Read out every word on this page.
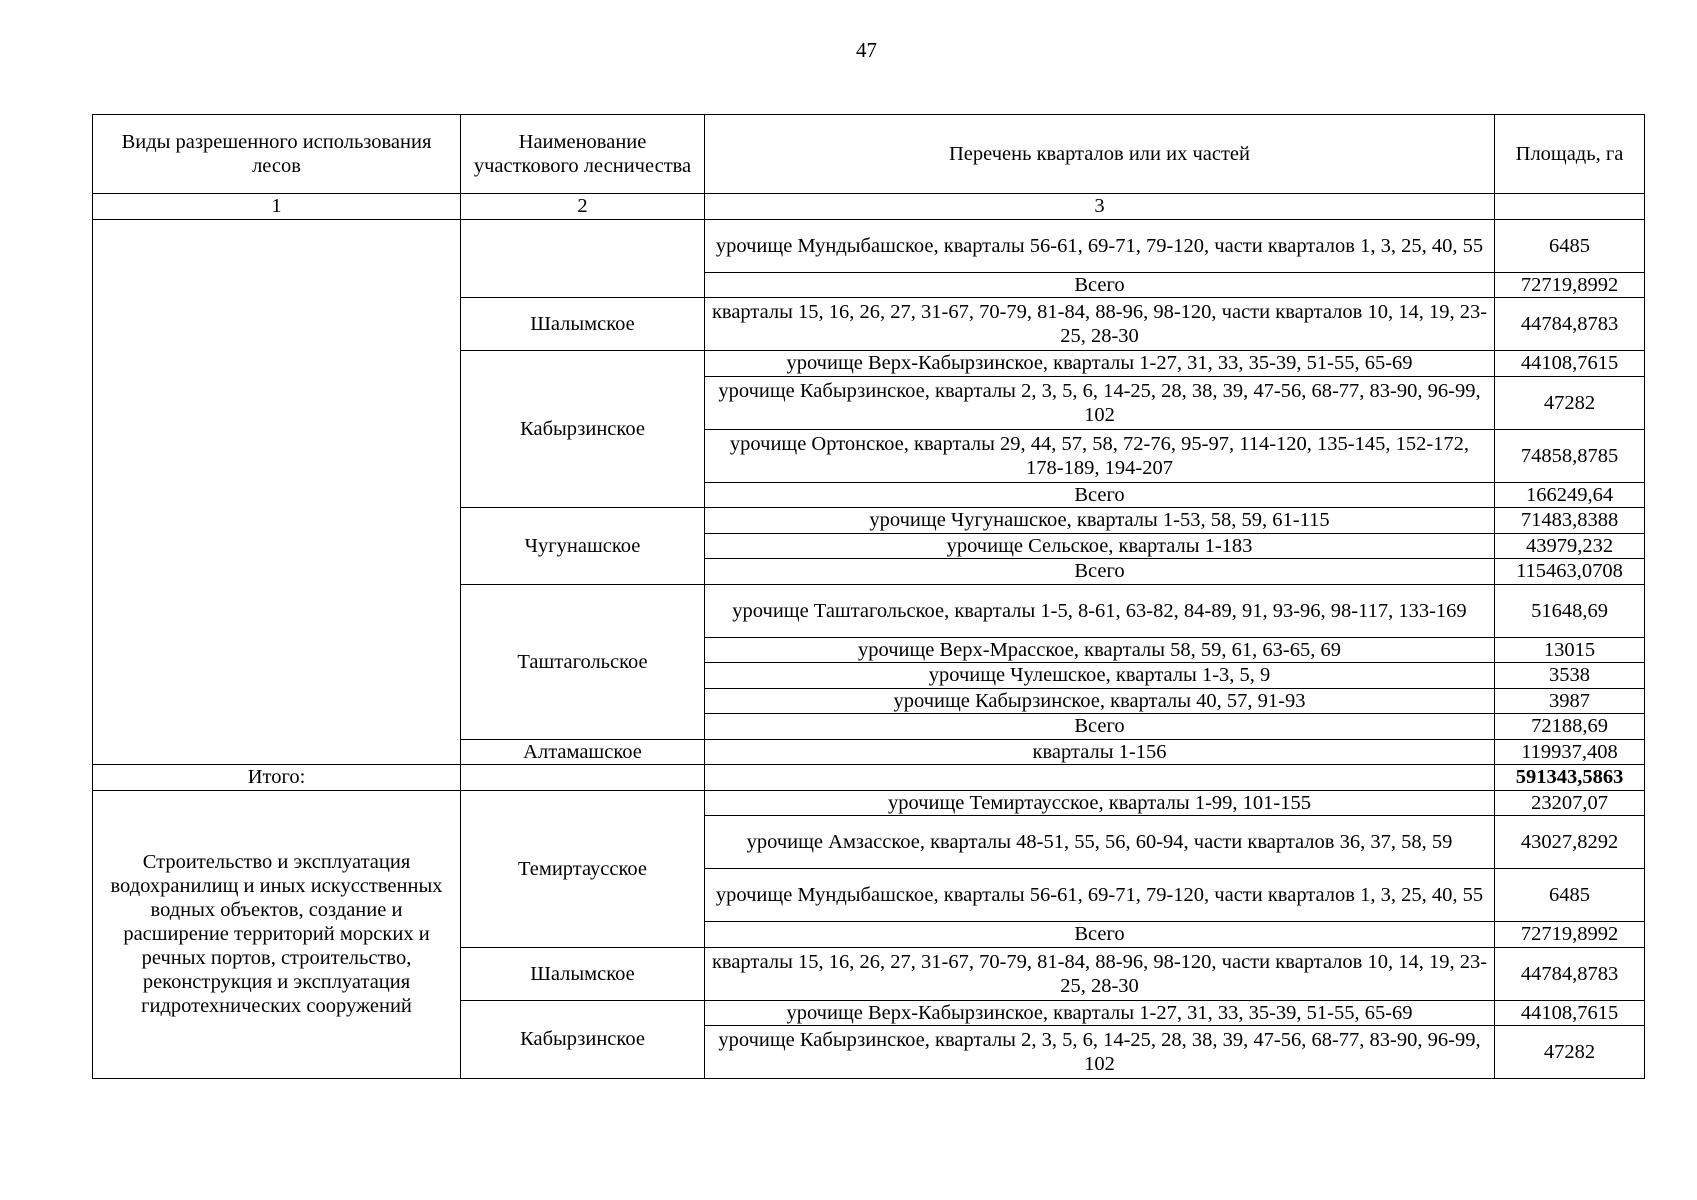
47
Виды разрешенного использования лесов	Наименование участкового лесничества	Перечень кварталов или их частей	Площадь, га
1	2	3	
		урочище Мундыбашское, кварталы 56-61, 69-71, 79-120, части кварталов 1, 3, 25, 40, 55	6485
		Всего	72719,8992
	Шалымское	кварталы 15, 16, 26, 27, 31-67, 70-79, 81-84, 88-96, 98-120, части кварталов 10, 14, 19, 23-25, 28-30	44784,8783
	Кабырзинское	урочище Верх-Кабырзинское, кварталы 1-27, 31, 33, 35-39, 51-55, 65-69	44108,7615
		урочище Кабырзинское, кварталы 2, 3, 5, 6, 14-25, 28, 38, 39, 47-56, 68-77, 83-90, 96-99, 102	47282
		урочище Ортонское, кварталы 29, 44, 57, 58, 72-76, 95-97, 114-120, 135-145, 152-172, 178-189, 194-207	74858,8785
		Всего	166249,64
	Чугунашское	урочище Чугунашское, кварталы 1-53, 58, 59, 61-115	71483,8388
		урочище Сельское, кварталы 1-183	43979,232
		Всего	115463,0708
	Таштагольское	урочище Таштагольское, кварталы 1-5, 8-61, 63-82, 84-89, 91, 93-96, 98-117, 133-169	51648,69
		урочище Верх-Мрасское, кварталы 58, 59, 61, 63-65, 69	13015
		урочище Чулешское, кварталы 1-3, 5, 9	3538
		урочище Кабырзинское, кварталы 40, 57, 91-93	3987
		Всего	72188,69
	Алтамашское	кварталы 1-156	119937,408
Итого:			591343,5863
Строительство и эксплуатация водохранилищ и иных искусственных водных объектов, создание и расширение территорий морских и речных портов, строительство, реконструкция и эксплуатация гидротехнических сооружений	Темиртаусское	урочище Темиртаусское, кварталы 1-99, 101-155	23207,07
		урочище Амзасское, кварталы 48-51, 55, 56, 60-94, части кварталов 36, 37, 58, 59	43027,8292
		урочище Мундыбашское, кварталы 56-61, 69-71, 79-120, части кварталов 1, 3, 25, 40, 55	6485
		Всего	72719,8992
	Шалымское	кварталы 15, 16, 26, 27, 31-67, 70-79, 81-84, 88-96, 98-120, части кварталов 10, 14, 19, 23-25, 28-30	44784,8783
	Кабырзинское	урочище Верх-Кабырзинское, кварталы 1-27, 31, 33, 35-39, 51-55, 65-69	44108,7615
		урочище Кабырзинское, кварталы 2, 3, 5, 6, 14-25, 28, 38, 39, 47-56, 68-77, 83-90, 96-99, 102	47282
